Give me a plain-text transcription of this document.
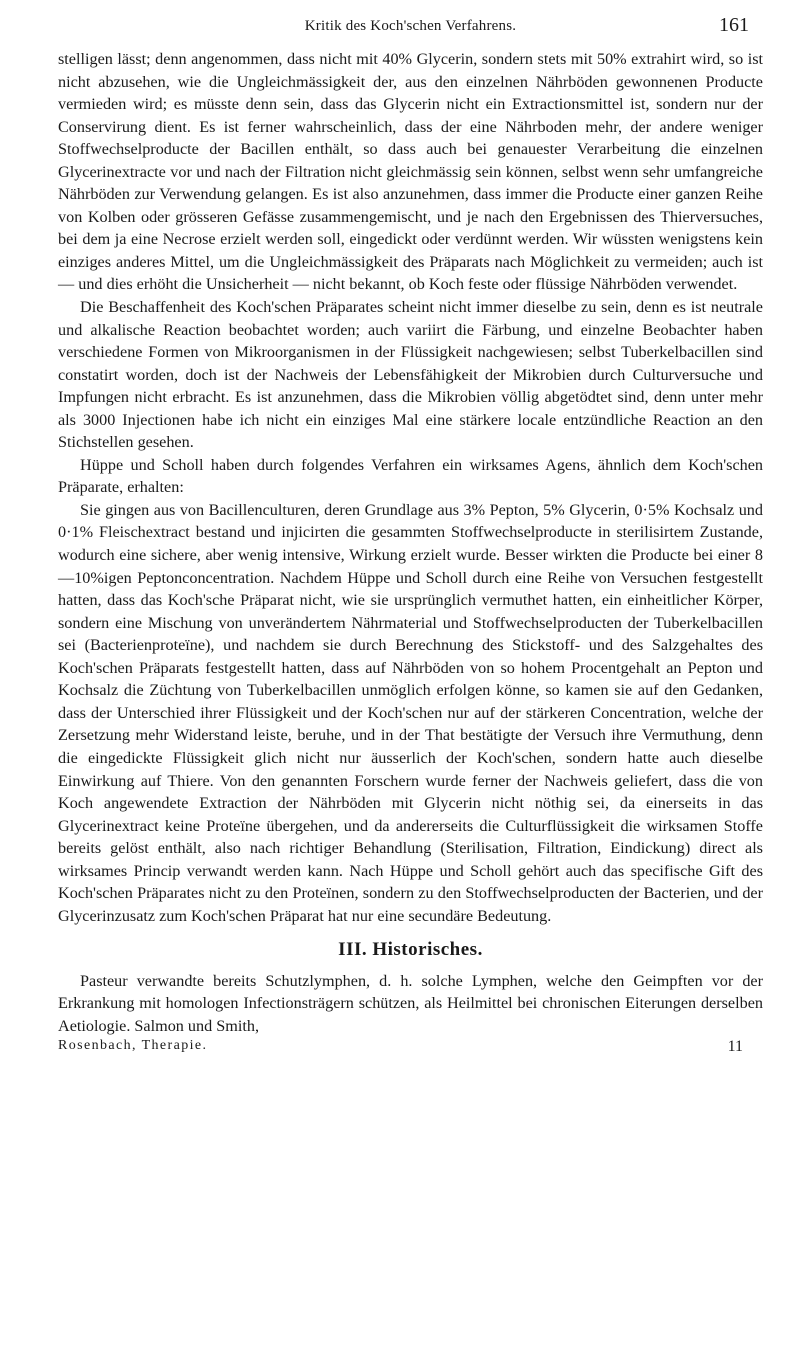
Kritik des Koch'schen Verfahrens.	161

stelligen lässt; denn angenommen, dass nicht mit 40% Glycerin, sondern stets mit 50% extrahirt wird, so ist nicht abzusehen, wie die Ungleichmässigkeit der, aus den einzelnen Nährböden gewonnenen Producte vermieden wird; es müsste denn sein, dass das Glycerin nicht ein Extractionsmittel ist, sondern nur der Conservirung dient. Es ist ferner wahrscheinlich, dass der eine Nährboden mehr, der andere weniger Stoffwechselproducte der Bacillen enthält, so dass auch bei genauester Verarbeitung die einzelnen Glycerinextracte vor und nach der Filtration nicht gleichmässig sein können, selbst wenn sehr umfangreiche Nährböden zur Verwendung gelangen. Es ist also anzunehmen, dass immer die Producte einer ganzen Reihe von Kolben oder grösseren Gefässe zusammengemischt, und je nach den Ergebnissen des Thierversuches, bei dem ja eine Necrose erzielt werden soll, eingedickt oder verdünnt werden. Wir wüssten wenigstens kein einziges anderes Mittel, um die Ungleichmässigkeit des Präparats nach Möglichkeit zu vermeiden; auch ist — und dies erhöht die Unsicherheit — nicht bekannt, ob Koch feste oder flüssige Nährböden verwendet.

Die Beschaffenheit des Koch'schen Präparates scheint nicht immer dieselbe zu sein, denn es ist neutrale und alkalische Reaction beobachtet worden; auch variirt die Färbung, und einzelne Beobachter haben verschiedene Formen von Mikroorganismen in der Flüssigkeit nachgewiesen; selbst Tuberkelbacillen sind constatirt worden, doch ist der Nachweis der Lebensfähigkeit der Mikrobien durch Culturversuche und Impfungen nicht erbracht. Es ist anzunehmen, dass die Mikrobien völlig abgetödtet sind, denn unter mehr als 3000 Injectionen habe ich nicht ein einziges Mal eine stärkere locale entzündliche Reaction an den Stichstellen gesehen.

Hüppe und Scholl haben durch folgendes Verfahren ein wirksames Agens, ähnlich dem Koch'schen Präparate, erhalten:

Sie gingen aus von Bacillenculturen, deren Grundlage aus 3% Pepton, 5% Glycerin, 0·5% Kochsalz und 0·1% Fleischextract bestand und injicirten die gesammten Stoffwechselproducte in sterilisirtem Zustande, wodurch eine sichere, aber wenig intensive, Wirkung erzielt wurde. Besser wirkten die Producte bei einer 8—10%igen Peptonconcentration. Nachdem Hüppe und Scholl durch eine Reihe von Versuchen festgestellt hatten, dass das Koch'sche Präparat nicht, wie sie ursprünglich vermuthet hatten, ein einheitlicher Körper, sondern eine Mischung von unverändertem Nährmaterial und Stoffwechselproducten der Tuberkelbacillen sei (Bacterienproteïne), und nachdem sie durch Berechnung des Stickstoff- und des Salzgehaltes des Koch'schen Präparats festgestellt hatten, dass auf Nährböden von so hohem Procentgehalt an Pepton und Kochsalz die Züchtung von Tuberkelbacillen unmöglich erfolgen könne, so kamen sie auf den Gedanken, dass der Unterschied ihrer Flüssigkeit und der Koch'schen nur auf der stärkeren Concentration, welche der Zersetzung mehr Widerstand leiste, beruhe, und in der That bestätigte der Versuch ihre Vermuthung, denn die eingedickte Flüssigkeit glich nicht nur äusserlich der Koch'schen, sondern hatte auch dieselbe Einwirkung auf Thiere. Von den genannten Forschern wurde ferner der Nachweis geliefert, dass die von Koch angewendete Extraction der Nährböden mit Glycerin nicht nöthig sei, da einerseits in das Glycerinextract keine Proteïne übergehen, und da andererseits die Culturflüssigkeit die wirksamen Stoffe bereits gelöst enthält, also nach richtiger Behandlung (Sterilisation, Filtration, Eindickung) direct als wirksames Princip verwandt werden kann. Nach Hüppe und Scholl gehört auch das specifische Gift des Koch'schen Präparates nicht zu den Proteïnen, sondern zu den Stoffwechselproducten der Bacterien, und der Glycerinzusatz zum Koch'schen Präparat hat nur eine secundäre Bedeutung.

III. Historisches.

Pasteur verwandte bereits Schutzlymphen, d. h. solche Lymphen, welche den Geimpften vor der Erkrankung mit homologen Infectionsträgern schützen, als Heilmittel bei chronischen Eiterungen derselben Aetiologie. Salmon und Smith,

Rosenbach, Therapie.	11
